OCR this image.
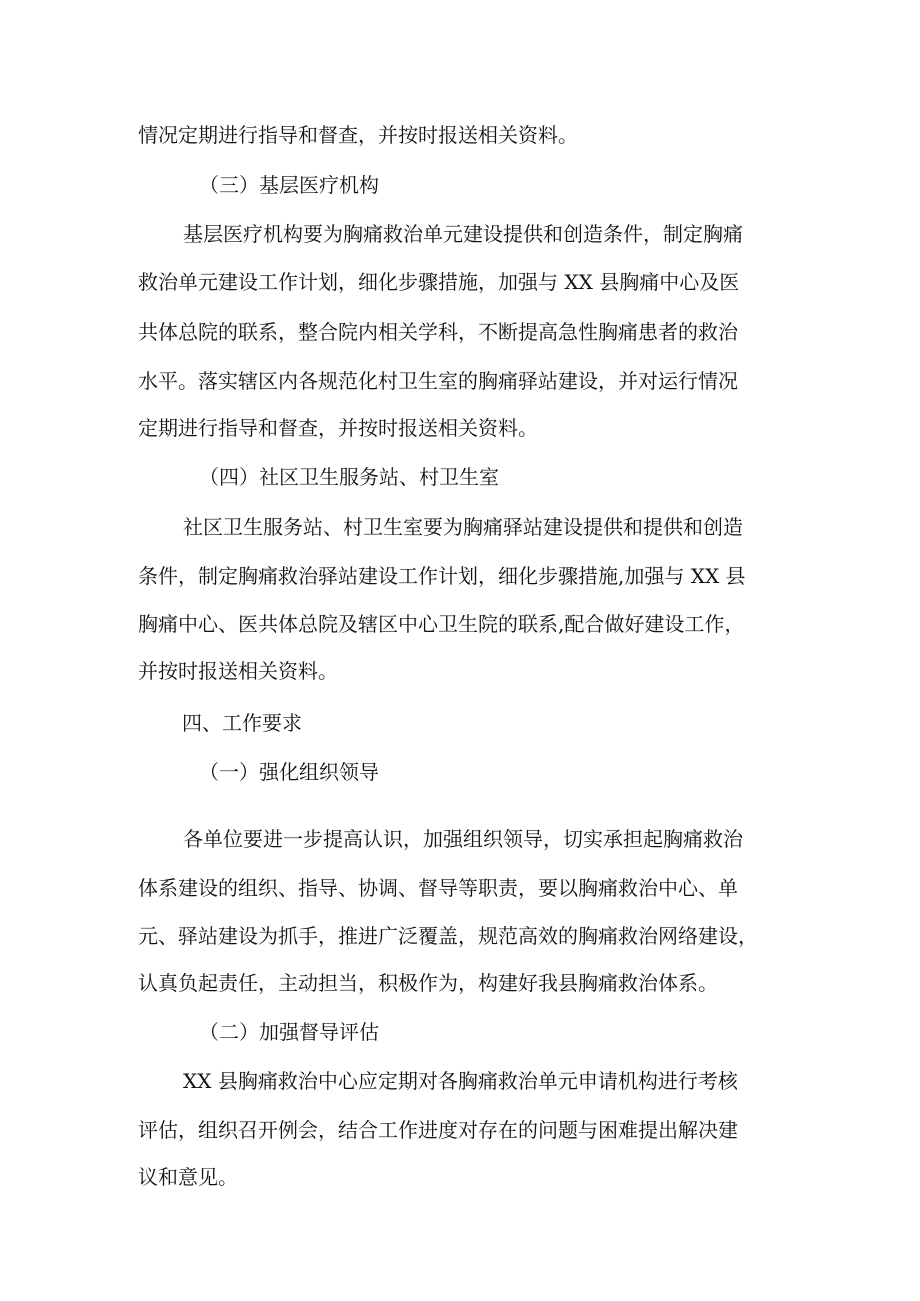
情况定期进行指导和督查，并按时报送相关资料。
（三）基层医疗机构
基层医疗机构要为胸痛救治单元建设提供和创造条件，制定胸痛
救治单元建设工作计划，细化步骤措施，加强与 XX 县胸痛中心及医
共体总院的联系，整合院内相关学科，不断提高急性胸痛患者的救治
水平。落实辖区内各规范化村卫生室的胸痛驿站建设，并对运行情况
定期进行指导和督查，并按时报送相关资料。
（四）社区卫生服务站、村卫生室
社区卫生服务站、村卫生室要为胸痛驿站建设提供和提供和创造
条件，制定胸痛救治驿站建设工作计划，细化步骤措施,加强与 XX 县
胸痛中心、医共体总院及辖区中心卫生院的联系,配合做好建设工作，
并按时报送相关资料。
四、工作要求
（一）强化组织领导
各单位要进一步提高认识，加强组织领导，切实承担起胸痛救治
体系建设的组织、指导、协调、督导等职责，要以胸痛救治中心、单
元、驿站建设为抓手，推进广泛覆盖，规范高效的胸痛救治网络建设，
认真负起责任，主动担当，积极作为，构建好我县胸痛救治体系。
（二）加强督导评估
XX 县胸痛救治中心应定期对各胸痛救治单元申请机构进行考核
评估，组织召开例会，结合工作进度对存在的问题与困难提出解决建
议和意见。
